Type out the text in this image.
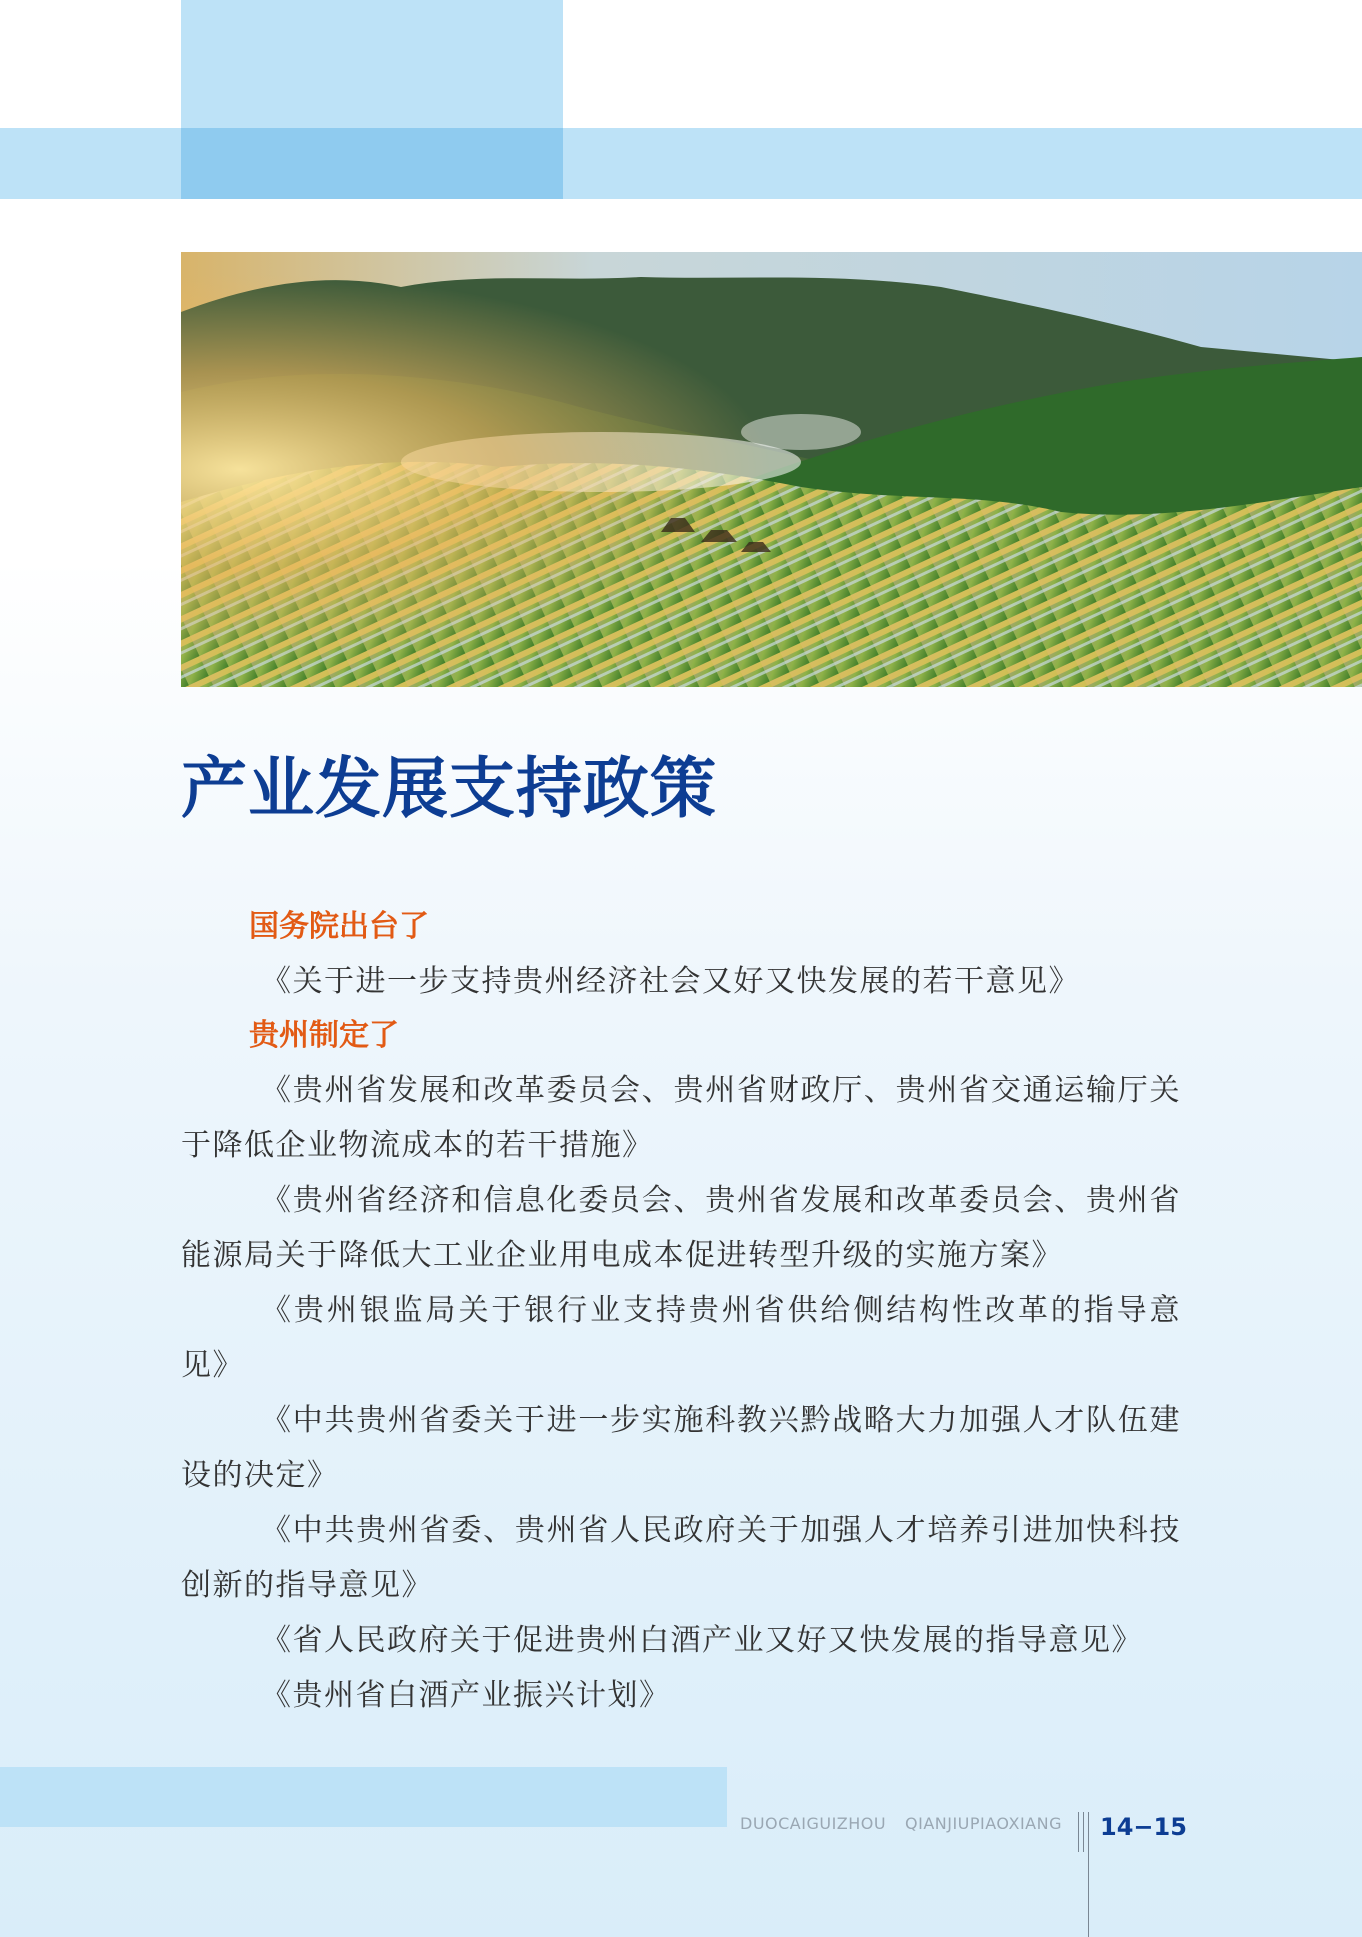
产业发展支持政策
国务院出台了

《关于进一步支持贵州经济社会又好又快发展的若干意见》

贵州制定了

《贵州省发展和改革委员会、贵州省财政厅、贵州省交通运输厅关于降低企业物流成本的若干措施》

《贵州省经济和信息化委员会、贵州省发展和改革委员会、贵州省能源局关于降低大工业企业用电成本促进转型升级的实施方案》

《贵州银监局关于银行业支持贵州省供给侧结构性改革的指导意见》

《中共贵州省委关于进一步实施科教兴黔战略大力加强人才队伍建设的决定》

《中共贵州省委、贵州省人民政府关于加强人才培养引进加快科技创新的指导意见》

《省人民政府关于促进贵州白酒产业又好又快发展的指导意见》

《贵州省白酒产业振兴计划》

DUOCAIGUIZHOU QIANJIUPIAOXIANG 14−15
